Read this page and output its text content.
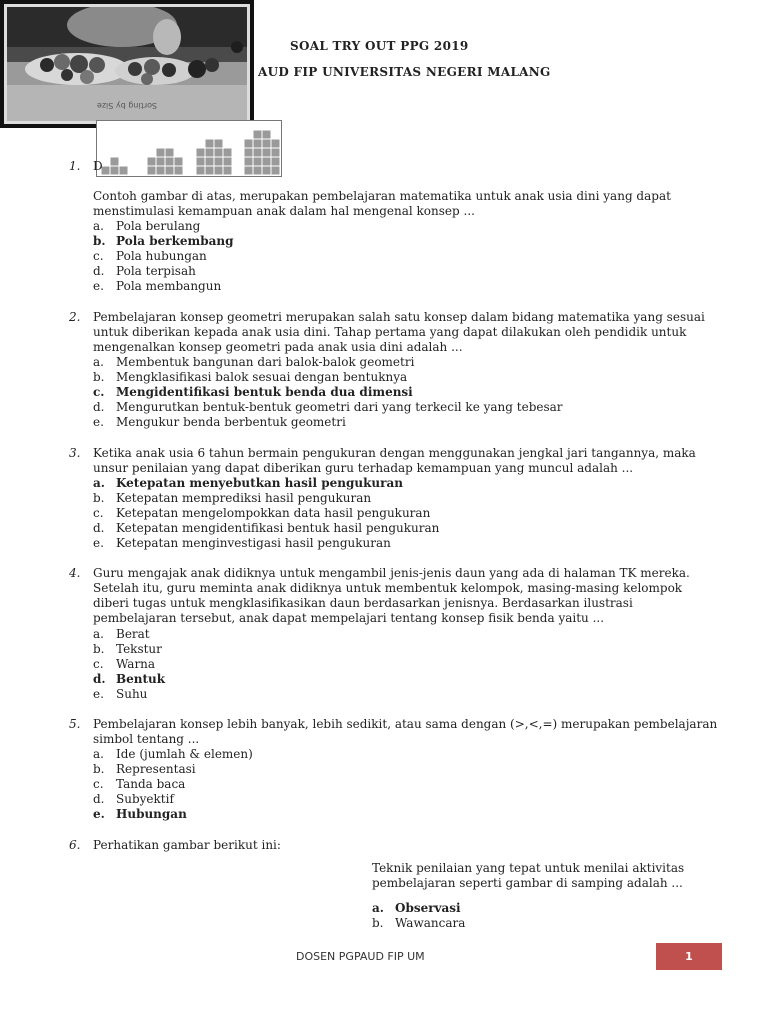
Sorting by Size
SOAL TRY OUT PPG 2019
AUD FIP UNIVERSITAS NEGERI MALANG
1. D
Contoh gambar di atas, merupakan pembelajaran matematika untuk anak usia dini yang dapat
menstimulasi kemampuan anak dalam hal mengenal konsep ...
a.	Pola berulang
b. Pola berkembang
c.	Pola hubungan
d. Pola terpisah
e.	Pola membangun
2. Pembelajaran konsep geometri merupakan salah satu konsep dalam bidang matematika yang sesuai
untuk diberikan kepada anak usia dini. Tahap pertama yang dapat dilakukan oleh pendidik untuk
mengenalkan konsep geometri pada anak usia dini adalah ...
a.	Membentuk bangunan dari balok-balok geometri
b. Mengklasifikasi balok sesuai dengan bentuknya
c. Mengidentifikasi bentuk benda dua dimensi
d. Mengurutkan bentuk-bentuk geometri dari yang terkecil ke yang tebesar
e.	Mengukur benda berbentuk geometri
3. Ketika anak usia 6 tahun bermain pengukuran dengan menggunakan jengkal jari tangannya, maka
unsur penilaian yang dapat diberikan guru terhadap kemampuan yang muncul adalah ...
a. Ketepatan menyebutkan hasil pengukuran
b. Ketepatan memprediksi hasil pengukuran
c.	Ketepatan mengelompokkan data hasil pengukuran
d. Ketepatan mengidentifikasi bentuk hasil pengukuran
e.	Ketepatan menginvestigasi hasil pengukuran
4. Guru mengajak anak didiknya untuk mengambil jenis-jenis daun yang ada di halaman TK mereka.
Setelah itu, guru meminta anak didiknya untuk membentuk kelompok, masing-masing kelompok
diberi tugas untuk mengklasifikasikan daun berdasarkan jenisnya. Berdasarkan ilustrasi
pembelajaran tersebut, anak dapat mempelajari tentang konsep fisik benda yaitu ...
a.	Berat
b. Tekstur
c.	Warna
d. Bentuk
e.	Suhu
5. Pembelajaran konsep lebih banyak, lebih sedikit, atau sama dengan (>,<,=) merupakan pembelajaran
simbol tentang ...
a.	Ide (jumlah & elemen)
b. Representasi
c.	Tanda baca
d. Subyektif
e. Hubungan
6. Perhatikan gambar berikut ini:
Teknik penilaian yang tepat untuk menilai aktivitas
pembelajaran seperti gambar di samping adalah ...
a. Observasi
b. Wawancara
DOSEN PGPAUD FIP UM	1
